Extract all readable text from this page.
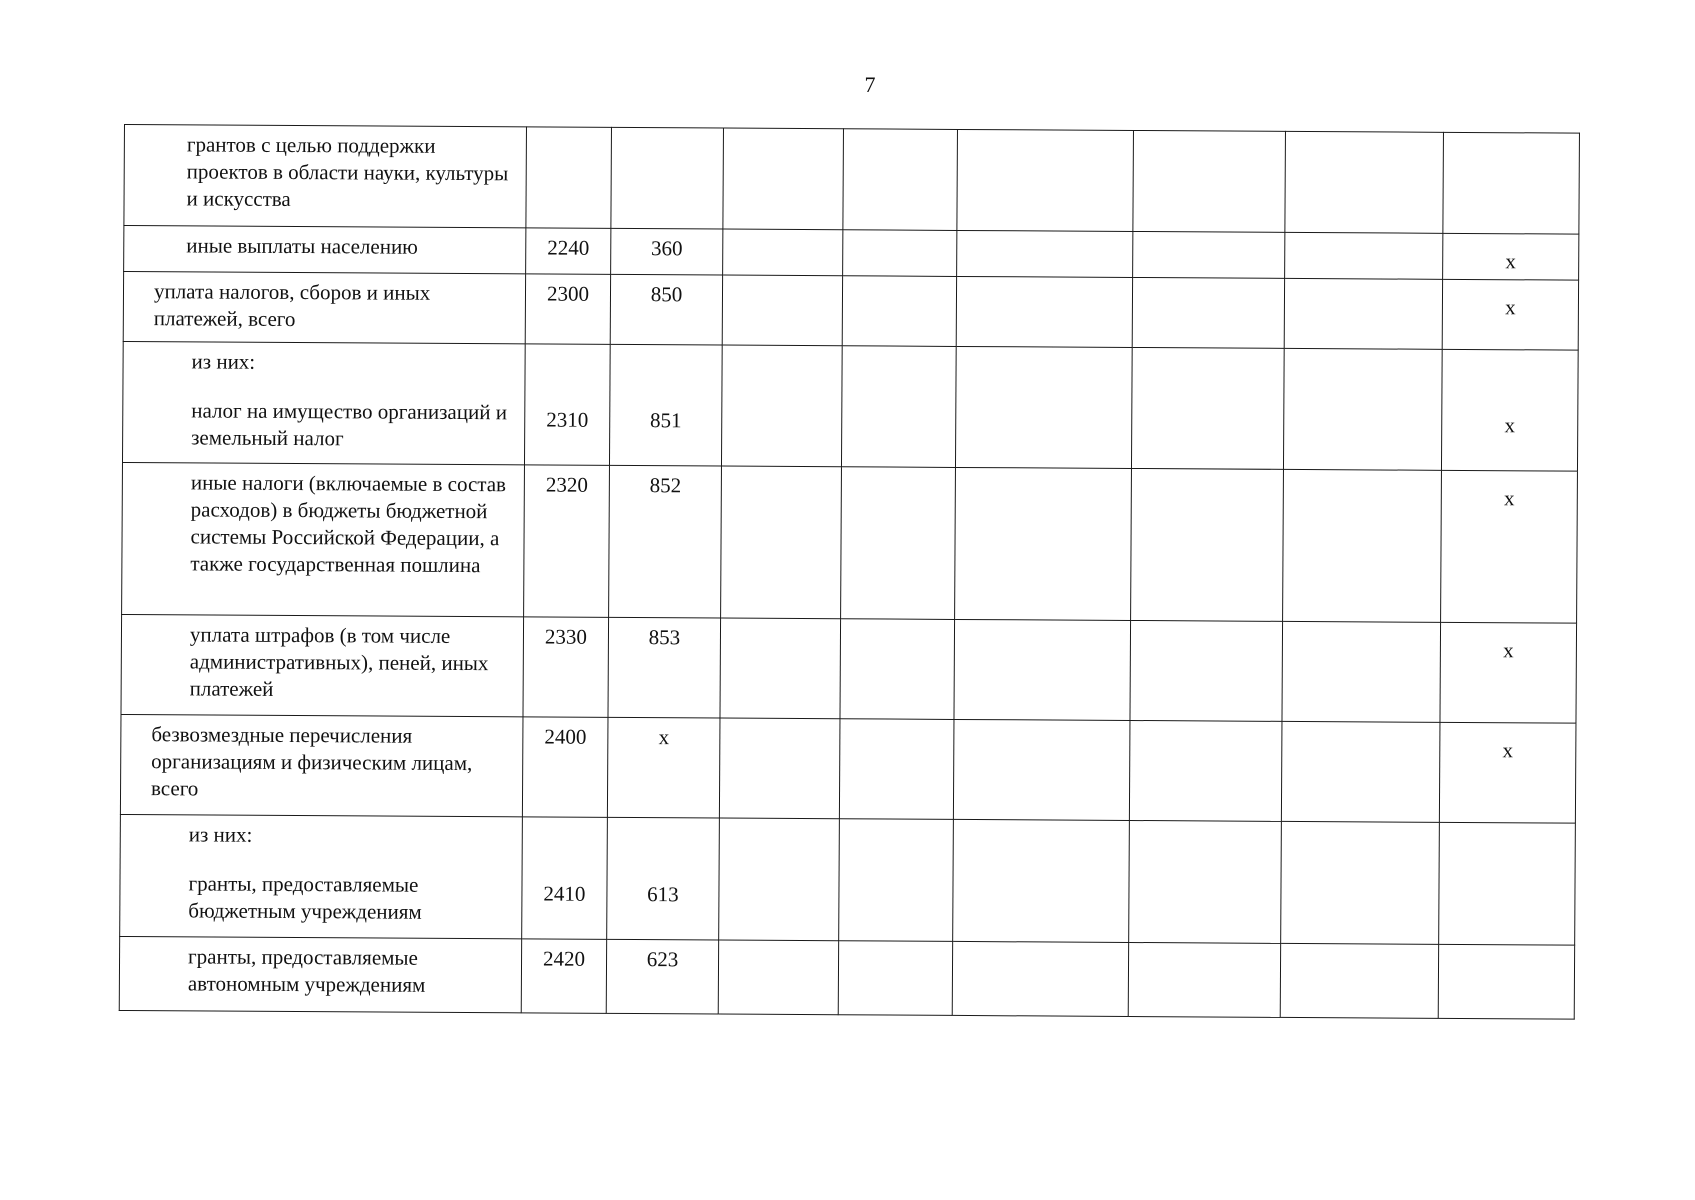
7
грантов с целью поддержки проектов в области науки, культуры и искусства								
иные выплаты населению	2240	360						x
уплата налогов, сборов и иных платежей, всего	2300	850						x

из них:
налог на имущество организаций и земельный налог	2310	851						x

иные налоги (включаемые в состав расходов) в бюджеты бюджетной системы Российской Федерации, а также государственная пошлина	2320	852						x
уплата штрафов (в том числе административных), пеней, иных платежей	2330	853						x
безвозмездные перечисления организациям и физическим лицам, всего	2400	x						x

из них:
гранты, предоставляемые бюджетным учреждениям	2410	613

гранты, предоставляемые автономным учреждениям	2420	623						
